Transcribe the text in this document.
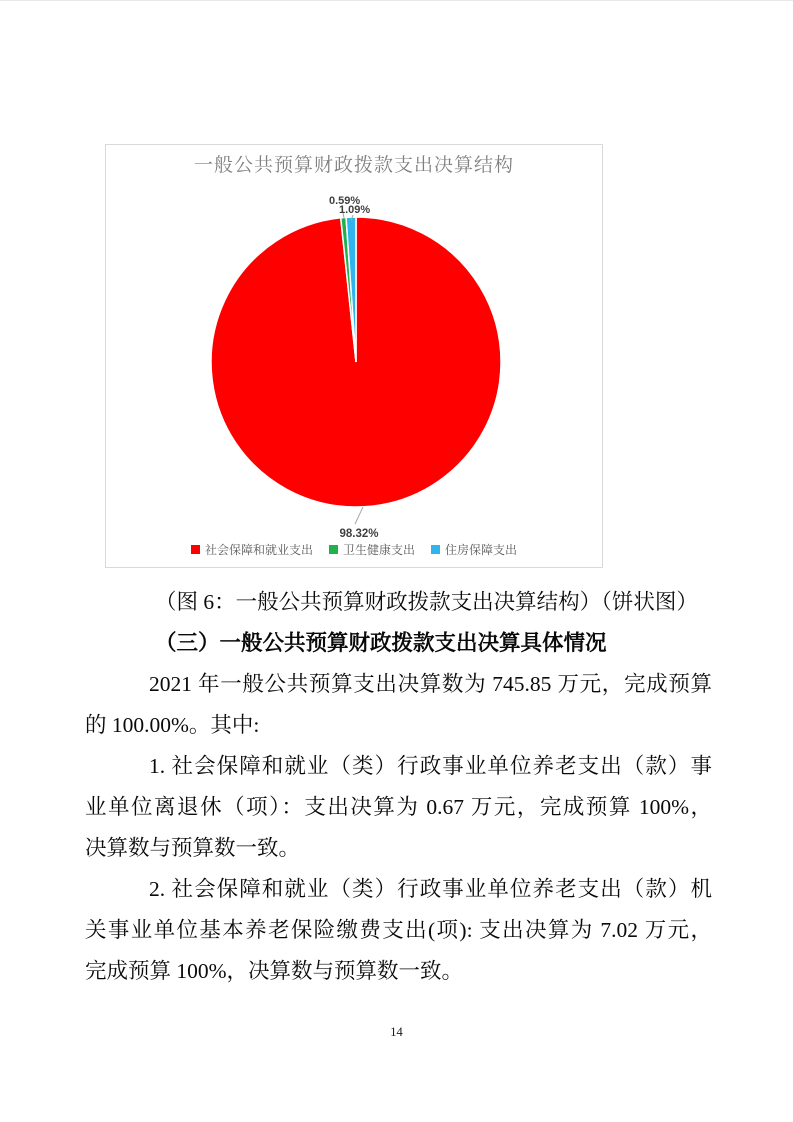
0.59%
1.09%
98.32%
一般公共预算财政拨款支出决算结构
社会保障和就业支出	卫生健康支出	住房保障支出
（图 6：一般公共预算财政拨款支出决算结构）（饼状图）
（三）一般公共预算财政拨款支出决算具体情况
2021 年一般公共预算支出决算数为 745.85 万元，完成预算
的 100.00%。其中:
1. 社会保障和就业（类）行政事业单位养老支出（款）事
业单位离退休（项）：支出决算为 0.67 万元，完成预算 100%，
决算数与预算数一致。
2. 社会保障和就业（类）行政事业单位养老支出（款）机
关事业单位基本养老保险缴费支出(项): 支出决算为 7.02 万元，
完成预算 100%，决算数与预算数一致。
14
